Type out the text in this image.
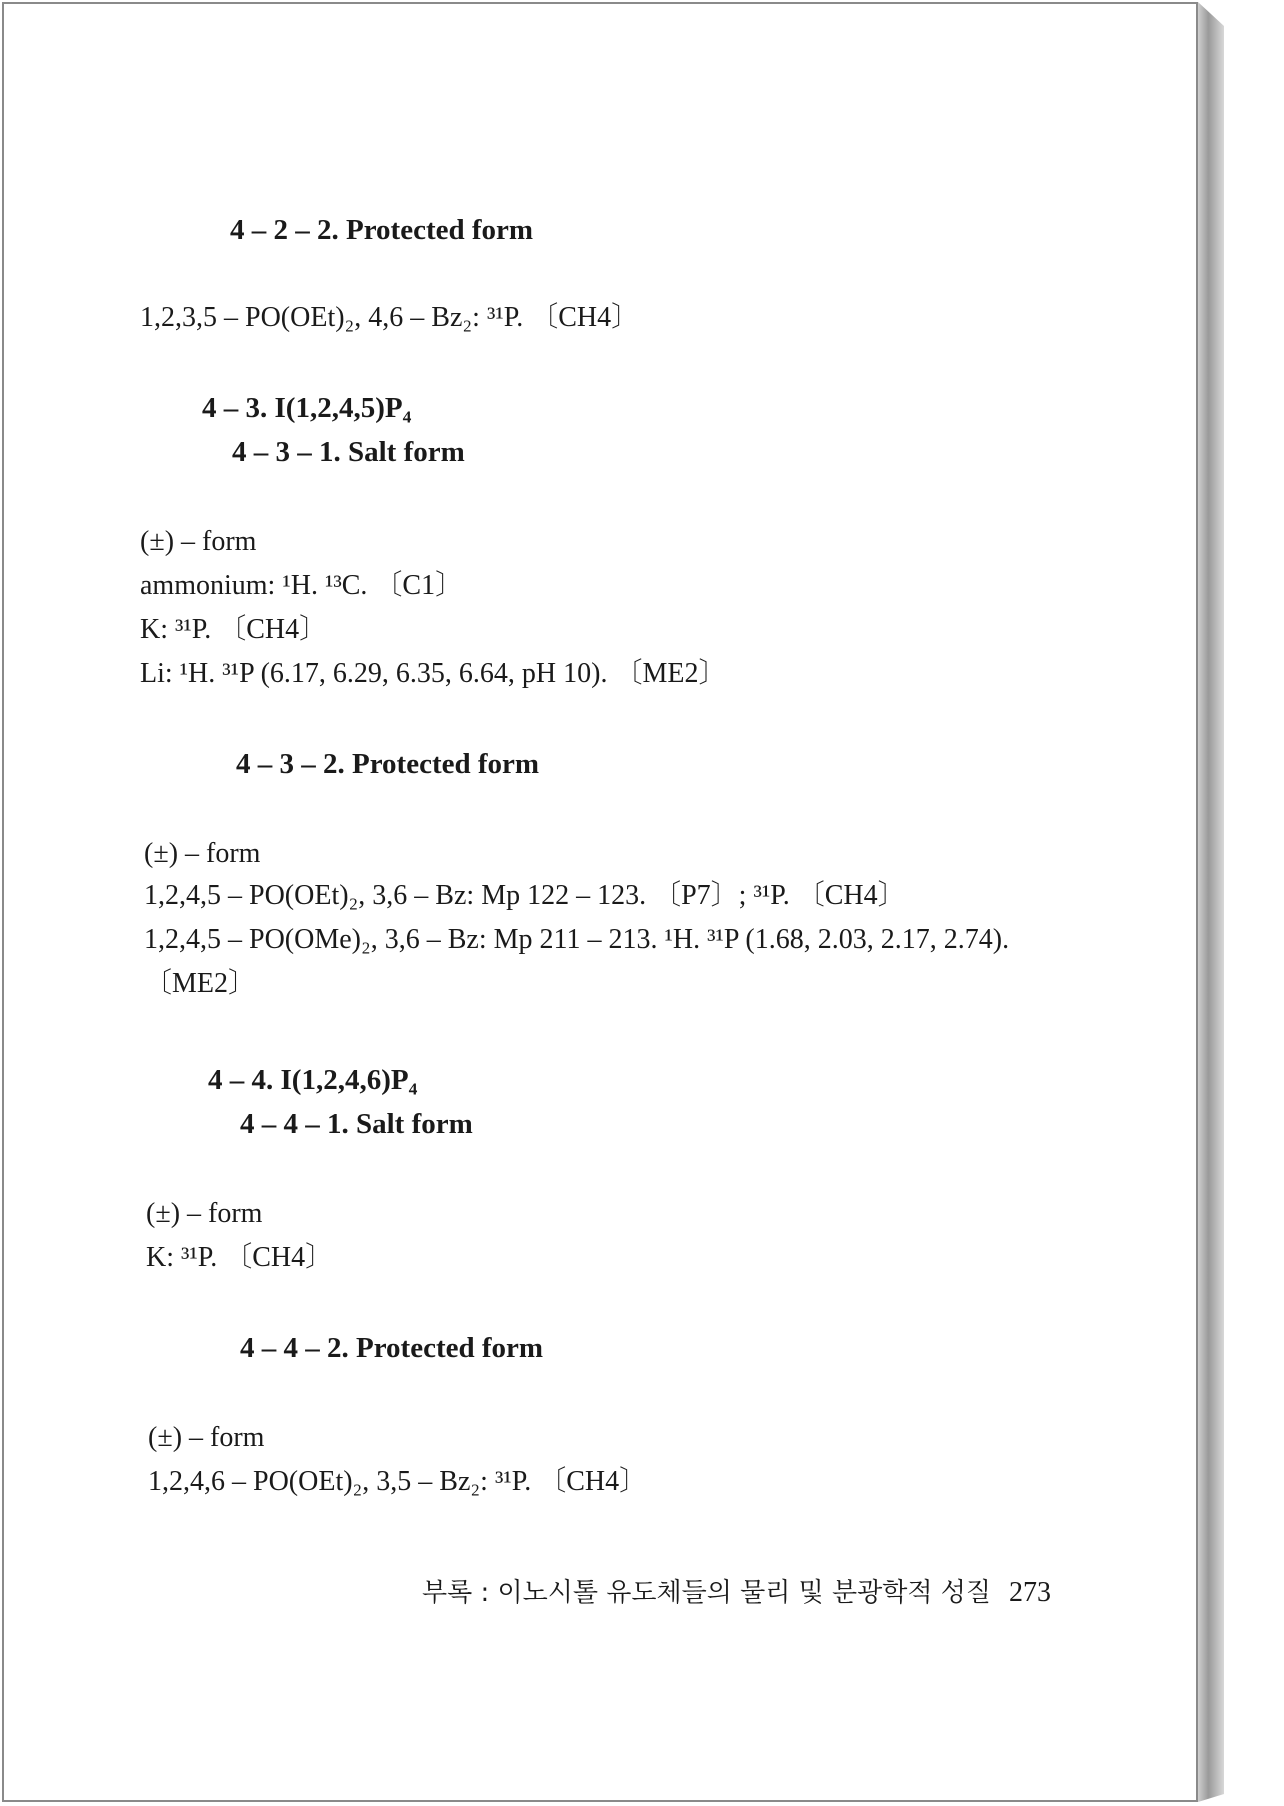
4 – 2 – 2. Protected form
1,2,3,5 – PO(OEt)₂, 4,6 – Bz₂: ³¹P. 〔CH4〕
4 – 3. I(1,2,4,5)P₄
4 – 3 – 1. Salt form
(±) – form
ammonium: ¹H. ¹³C. 〔C1〕
K: ³¹P. 〔CH4〕
Li: ¹H. ³¹P (6.17, 6.29, 6.35, 6.64, pH 10). 〔ME2〕
4 – 3 – 2. Protected form
(±) – form
1,2,4,5 – PO(OEt)₂, 3,6 – Bz: Mp 122 – 123. 〔P7〕; ³¹P. 〔CH4〕
1,2,4,5 – PO(OMe)₂, 3,6 – Bz: Mp 211 – 213. ¹H. ³¹P (1.68, 2.03, 2.17, 2.74).
〔ME2〕
4 – 4. I(1,2,4,6)P₄
4 – 4 – 1. Salt form
(±) – form
K: ³¹P. 〔CH4〕
4 – 4 – 2. Protected form
(±) – form
1,2,4,6 – PO(OEt)₂, 3,5 – Bz₂: ³¹P. 〔CH4〕
부록 : 이노시톨 유도체들의 물리 및 분광학적 성질 273
